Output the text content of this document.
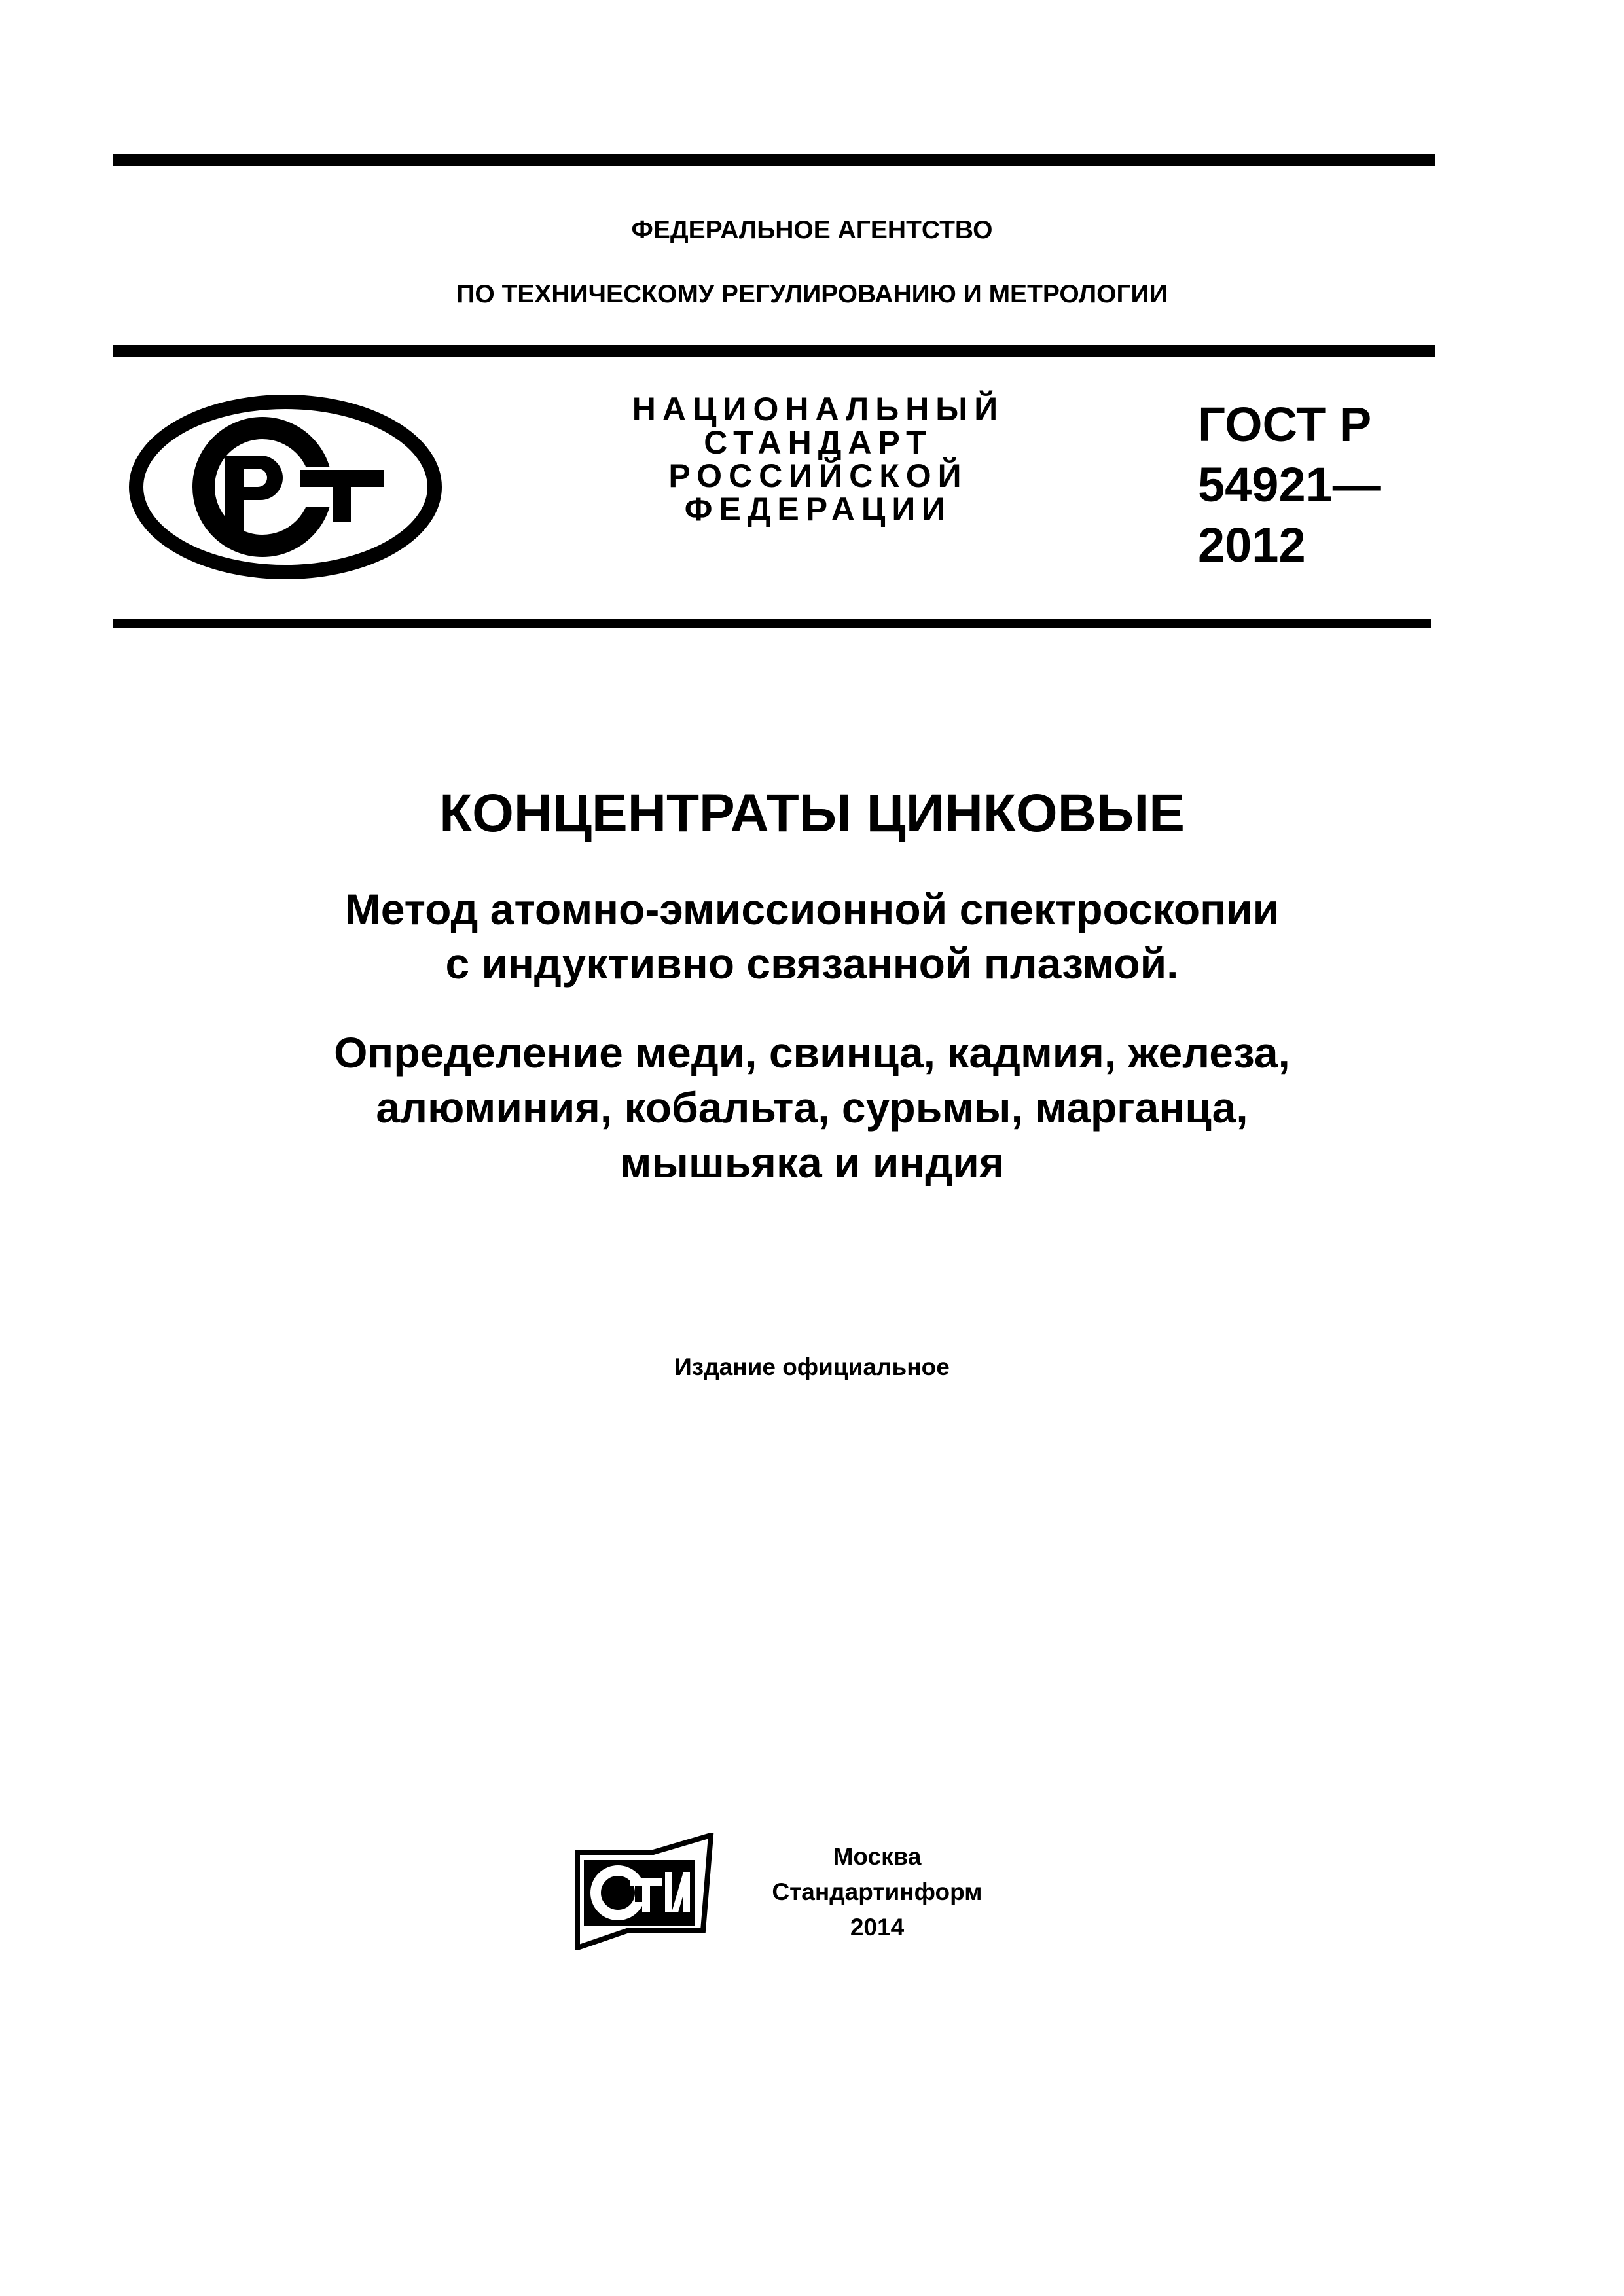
ФЕДЕРАЛЬНОЕ АГЕНТСТВО
ПО ТЕХНИЧЕСКОМУ РЕГУЛИРОВАНИЮ И МЕТРОЛОГИИ
НАЦИОНАЛЬНЫЙ
СТАНДАРТ
РОССИЙСКОЙ
ФЕДЕРАЦИИ
ГОСТ Р
54921—
2012
КОНЦЕНТРАТЫ ЦИНКОВЫЕ
Метод атомно-эмиссионной спектроскопии
с индуктивно связанной плазмой.
Определение меди, свинца, кадмия, железа,
алюминия, кобальта, сурьмы, марганца,
мышьяка и индия
Издание официальное
Москва
Стандартинформ
2014
